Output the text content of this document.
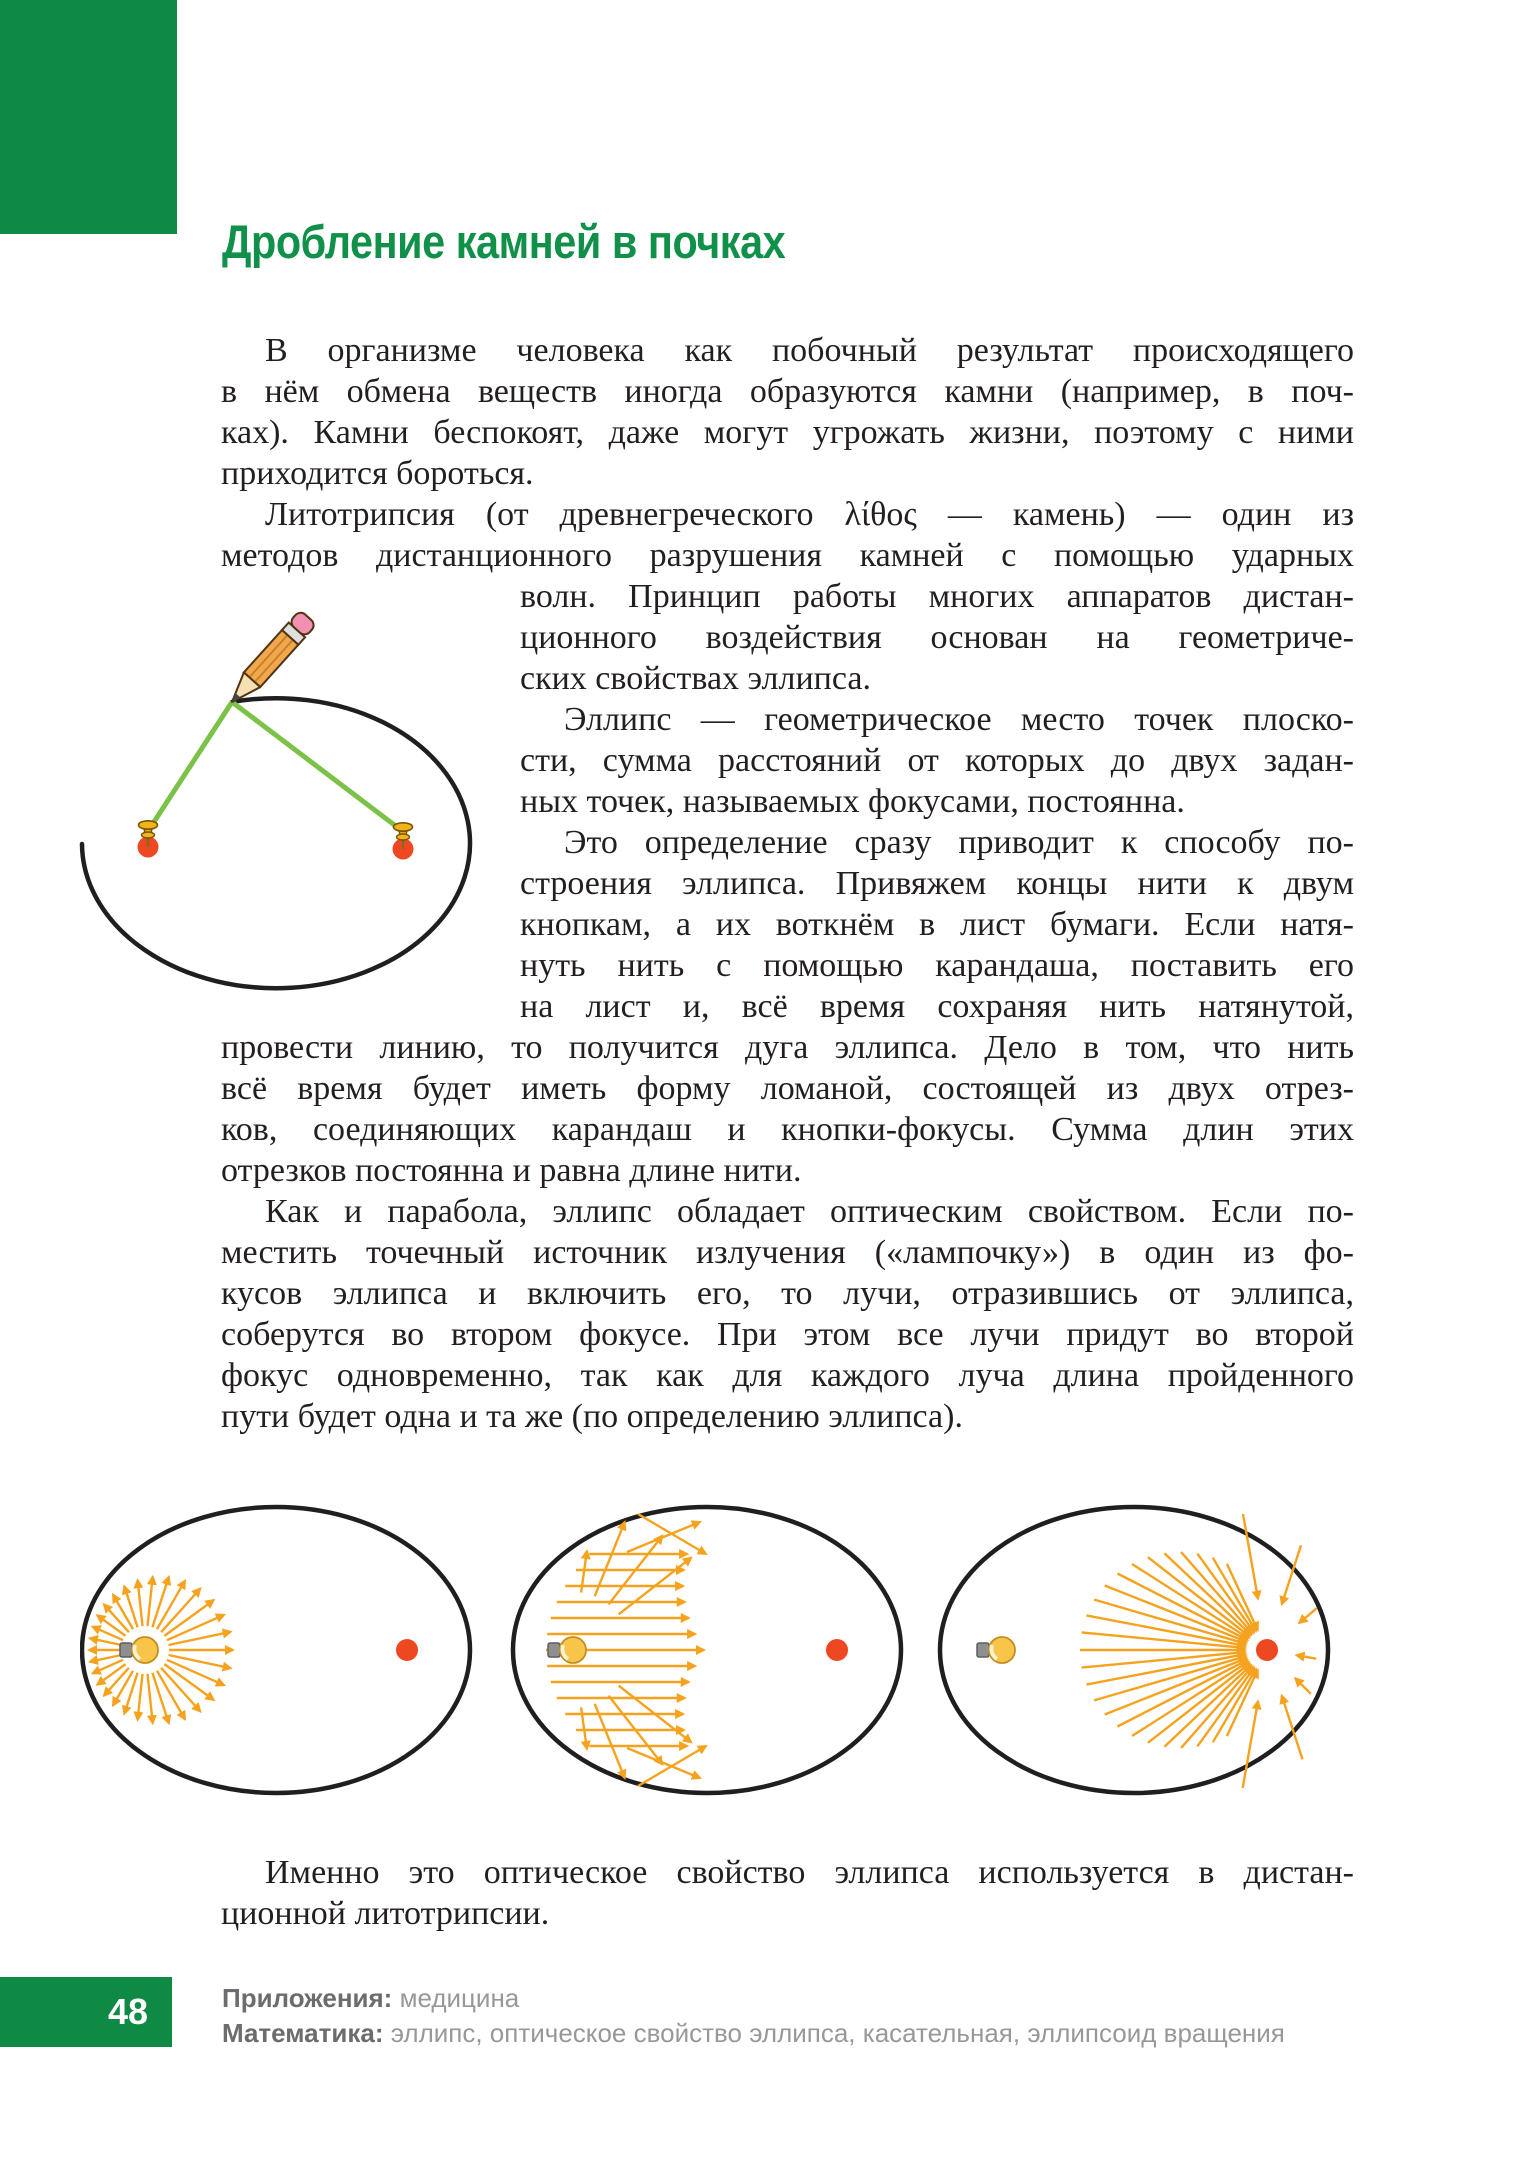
Дробление камней в почках
В организме человека как побочный результат происходящего
в нём обмена веществ иногда образуются камни (например, в поч-
ках). Камни беспокоят, даже могут угрожать жизни, поэтому с ними
приходится бороться.
Литотрипсия (от древнегреческого λίθος — камень) — один из
методов дистанционного разрушения камней с помощью ударных
волн. Принцип работы многих аппаратов дистан-
ционного воздействия основан на геометриче-
ских свойствах эллипса.
Эллипс — геометрическое место точек плоско-
сти, сумма расстояний от которых до двух задан-
ных точек, называемых фокусами, постоянна.
Это определение сразу приводит к способу по-
строения эллипса. Привяжем концы нити к двум
кнопкам, а их воткнём в лист бумаги. Если натя-
нуть нить с помощью карандаша, поставить его
на лист и, всё время сохраняя нить натянутой,
провести линию, то получится дуга эллипса. Дело в том, что нить
всё время будет иметь форму ломаной, состоящей из двух отрез-
ков, соединяющих карандаш и кнопки-фокусы. Сумма длин этих
отрезков постоянна и равна длине нити.
Как и парабола, эллипс обладает оптическим свойством. Если по-
местить точечный источник излучения («лампочку») в один из фо-
кусов эллипса и включить его, то лучи, отразившись от эллипса,
соберутся во втором фокусе. При этом все лучи придут во второй
фокус одновременно, так как для каждого луча длина пройденного
пути будет одна и та же (по определению эллипса).
Именно это оптическое свойство эллипса используется в дистан-
ционной литотрипсии.
48	Приложения: медицина
Математика: эллипс, оптическое свойство эллипса, касательная, эллипсоид вращения
